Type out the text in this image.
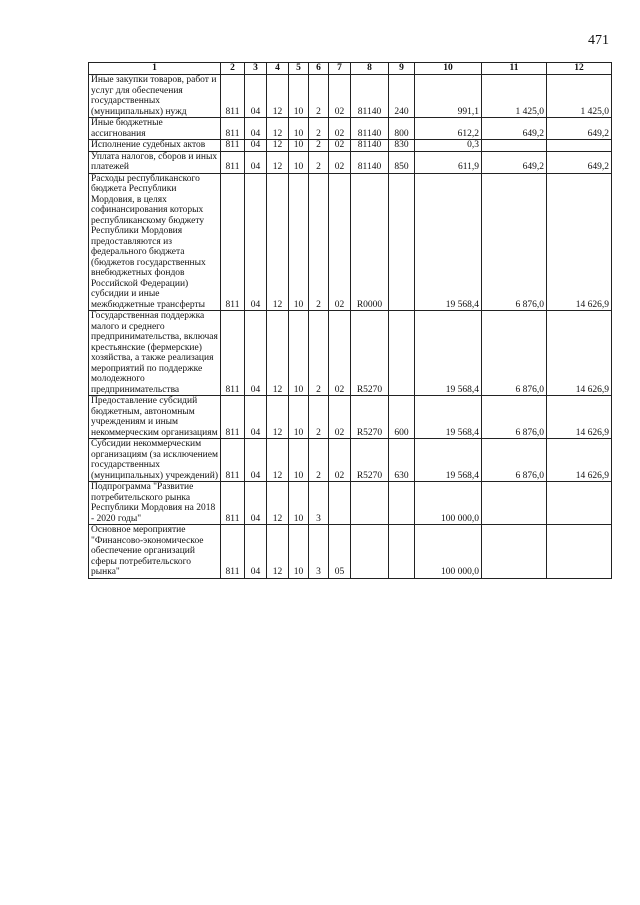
471
1	2	3	4	5	6	7	8	9	10	11	12
Иные закупки товаров, работ и услуг для обеспечения государственных (муниципальных) нужд	811	04	12	10	2	02	81140	240	991,1	1 425,0	1 425,0
Иные бюджетные ассигнования	811	04	12	10	2	02	81140	800	612,2	649,2	649,2
Исполнение судебных актов	811	04	12	10	2	02	81140	830	0,3		
Уплата налогов, сборов и иных платежей	811	04	12	10	2	02	81140	850	611,9	649,2	649,2
Расходы республиканского бюджета Республики Мордовия, в целях софинансирования которых республиканскому бюджету Республики Мордовия предоставляются из федерального бюджета (бюджетов государственных внебюджетных фондов Российской Федерации) субсидии и иные межбюджетные трансферты	811	04	12	10	2	02	R0000		19 568,4	6 876,0	14 626,9
Государственная поддержка малого и среднего предпринимательства, включая крестьянские (фермерские) хозяйства, а также реализация мероприятий по поддержке молодежного предпринимательства	811	04	12	10	2	02	R5270		19 568,4	6 876,0	14 626,9
Предоставление субсидий бюджетным, автономным учреждениям и иным некоммерческим организациям	811	04	12	10	2	02	R5270	600	19 568,4	6 876,0	14 626,9
Субсидии некоммерческим организациям (за исключением государственных (муниципальных) учреждений)	811	04	12	10	2	02	R5270	630	19 568,4	6 876,0	14 626,9
Подпрограмма "Развитие потребительского рынка Республики Мордовия на 2018 - 2020 годы"	811	04	12	10	3				100 000,0		
Основное мероприятие "Финансово-экономическое обеспечение организаций сферы потребительского рынка"	811	04	12	10	3	05			100 000,0		
